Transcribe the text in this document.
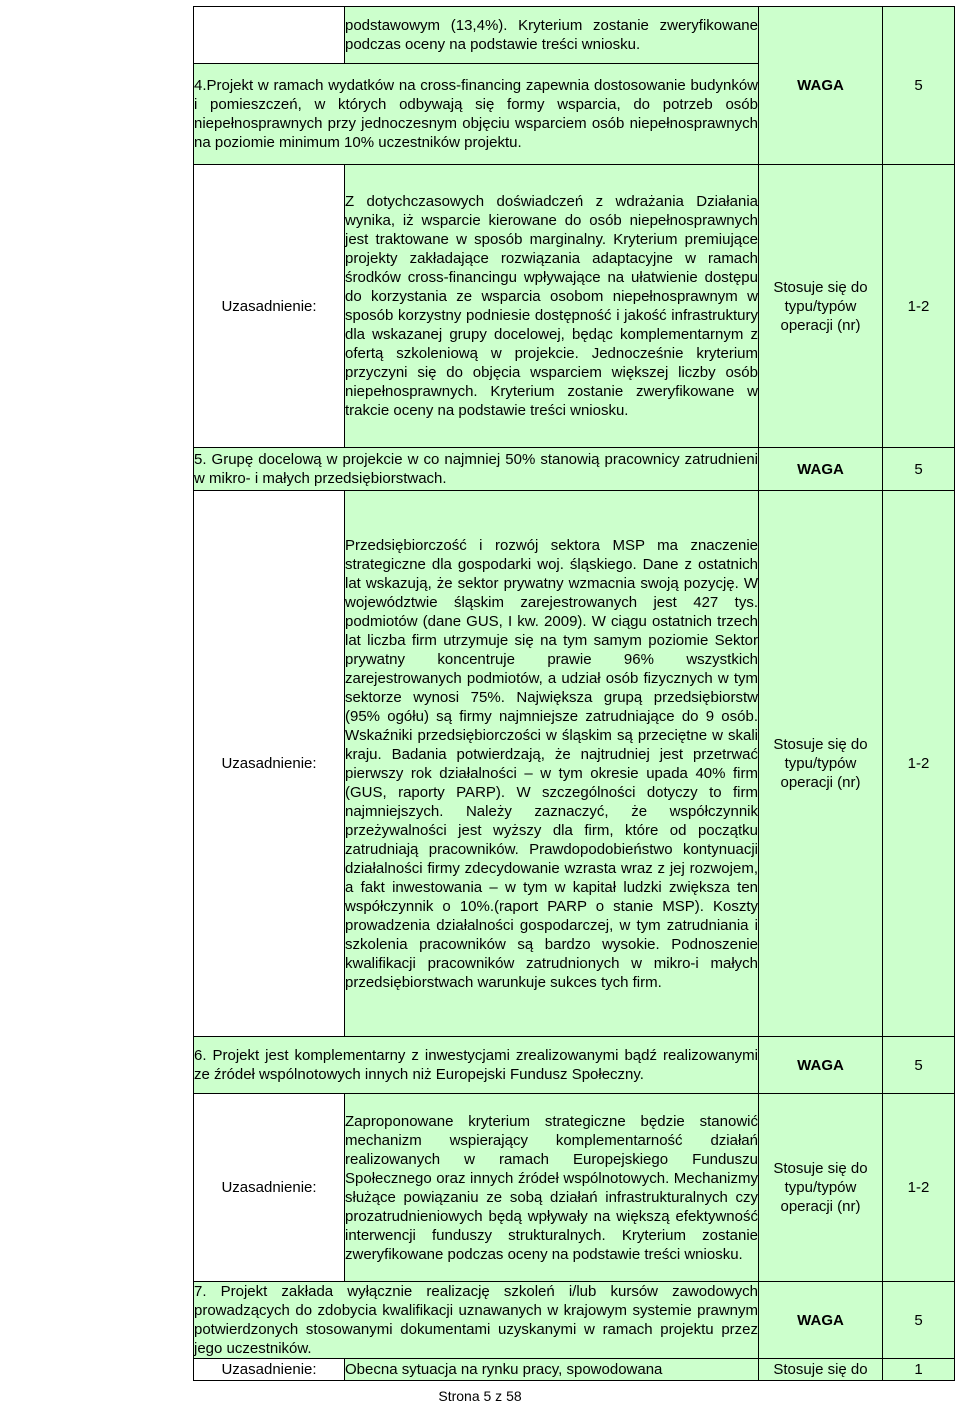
	podstawowym (13,4%). Kryterium zostanie zweryfikowane podczas oceny na podstawie treści wniosku.	WAGA	5
4.Projekt w ramach wydatków na cross-financing zapewnia dostosowanie budynków i pomieszczeń, w których odbywają się formy wsparcia, do potrzeb osób niepełnosprawnych przy jednoczesnym objęciu wsparciem osób niepełnosprawnych na poziomie minimum 10% uczestników projektu.			
Uzasadnienie:	Z dotychczasowych doświadczeń z wdrażania Działania wynika, iż wsparcie kierowane do osób niepełnosprawnych jest traktowane w sposób marginalny. Kryterium premiujące projekty zakładające rozwiązania adaptacyjne w ramach środków cross-financingu wpływające na ułatwienie dostępu do korzystania ze wsparcia osobom niepełnosprawnym w sposób korzystny podniesie dostępność i jakość infrastruktury dla wskazanej grupy docelowej, będąc komplementarnym z ofertą szkoleniową w projekcie. Jednocześnie kryterium przyczyni się do objęcia wsparciem większej liczby osób niepełnosprawnych. Kryterium zostanie zweryfikowane w trakcie oceny na podstawie treści wniosku.	Stosuje się do typu/typów operacji (nr)	1-2
5. Grupę docelową w projekcie w co najmniej 50% stanowią pracownicy zatrudnieni w mikro- i małych przedsiębiorstwach.		WAGA	5
Uzasadnienie:	Przedsiębiorczość i rozwój sektora MSP ma znaczenie strategiczne dla gospodarki woj. śląskiego. Dane z ostatnich lat wskazują, że sektor prywatny wzmacnia swoją pozycję. W województwie śląskim zarejestrowanych jest 427 tys. podmiotów (dane GUS, I kw. 2009). W ciągu ostatnich trzech lat liczba firm utrzymuje się na tym samym poziomie Sektor prywatny koncentruje prawie 96% wszystkich zarejestrowanych podmiotów, a udział osób fizycznych w tym sektorze wynosi 75%. Największa grupą przedsiębiorstw (95% ogółu) są firmy najmniejsze zatrudniające do 9 osób. Wskaźniki przedsiębiorczości w śląskim są przeciętne w skali kraju. Badania potwierdzają, że najtrudniej jest przetrwać pierwszy rok działalności – w tym okresie upada 40% firm (GUS, raporty PARP). W szczególności dotyczy to firm najmniejszych. Należy zaznaczyć, że współczynnik przeżywalności jest wyższy dla firm, które od początku zatrudniają pracowników. Prawdopodobieństwo kontynuacji działalności firmy zdecydowanie wzrasta wraz z jej rozwojem, a fakt inwestowania – w tym w kapitał ludzki zwiększa ten współczynnik o 10%.(raport PARP o stanie MSP). Koszty prowadzenia działalności gospodarczej, w tym zatrudniania i szkolenia pracowników są bardzo wysokie. Podnoszenie kwalifikacji pracowników zatrudnionych w mikro-i małych przedsiębiorstwach warunkuje sukces tych firm.	Stosuje się do typu/typów operacji (nr)	1-2
6. Projekt jest komplementarny z inwestycjami zrealizowanymi bądź realizowanymi ze źródeł wspólnotowych innych niż Europejski Fundusz Społeczny.		WAGA	5
Uzasadnienie:	Zaproponowane kryterium strategiczne będzie stanowić mechanizm wspierający komplementarność działań realizowanych w ramach Europejskiego Funduszu Społecznego oraz innych źródeł wspólnotowych. Mechanizmy służące powiązaniu ze sobą działań infrastrukturalnych czy prozatrudnieniowych będą wpływały na większą efektywność interwencji funduszy strukturalnych. Kryterium zostanie zweryfikowane podczas oceny na podstawie treści wniosku.	Stosuje się do typu/typów operacji (nr)	1-2
7. Projekt zakłada wyłącznie realizację szkoleń i/lub kursów zawodowych prowadzących do zdobycia kwalifikacji uznawanych w krajowym systemie prawnym potwierdzonych stosowanymi dokumentami uzyskanymi w ramach projektu przez jego uczestników.		WAGA	5
Uzasadnienie:	Obecna sytuacja na rynku pracy, spowodowana	Stosuje się do	1
Strona 5 z 58
